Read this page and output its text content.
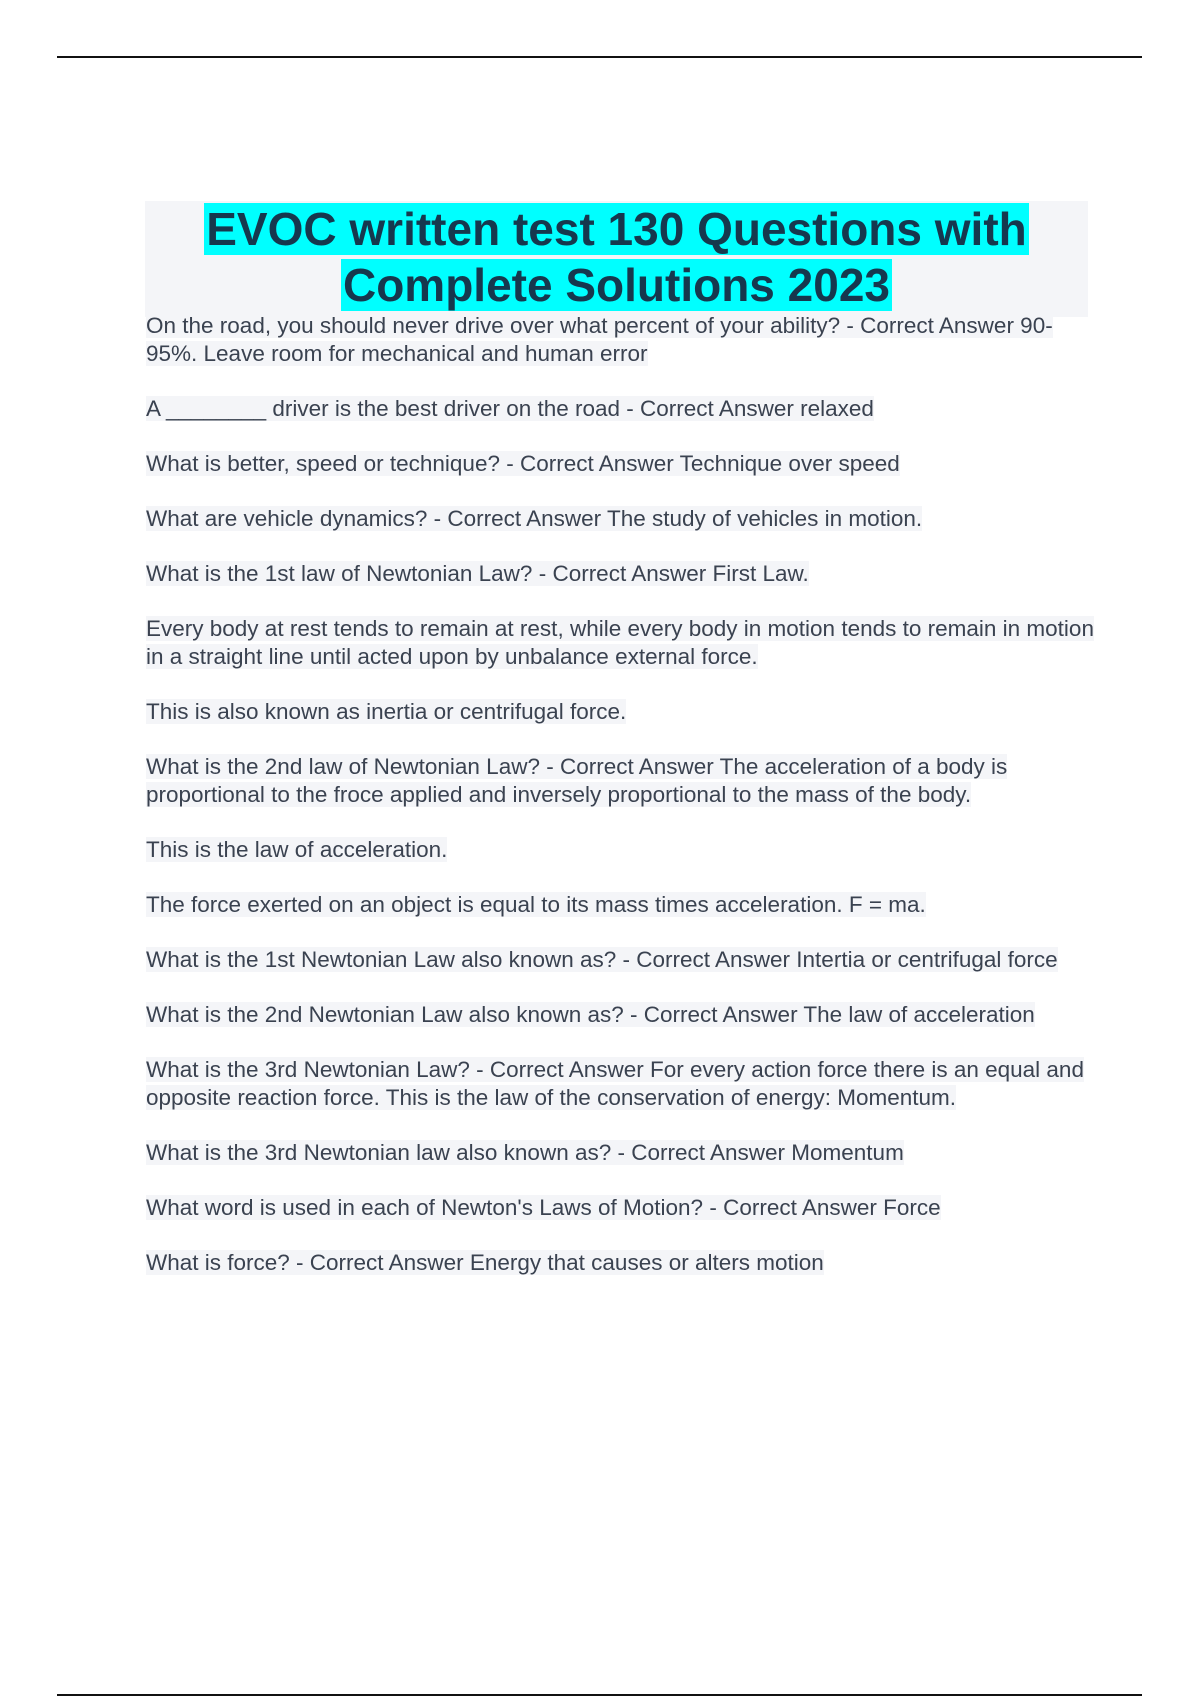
EVOC written test 130 Questions with
Complete Solutions 2023

On the road, you should never drive over what percent of your ability? - Correct Answer 90-95%. Leave room for mechanical and human error

A ________ driver is the best driver on the road - Correct Answer relaxed

What is better, speed or technique? - Correct Answer Technique over speed

What are vehicle dynamics? - Correct Answer The study of vehicles in motion.

What is the 1st law of Newtonian Law? - Correct Answer First Law.

Every body at rest tends to remain at rest, while every body in motion tends to remain in motion in a straight line until acted upon by unbalance external force.

This is also known as inertia or centrifugal force.

What is the 2nd law of Newtonian Law? - Correct Answer The acceleration of a body is proportional to the froce applied and inversely proportional to the mass of the body.

This is the law of acceleration.

The force exerted on an object is equal to its mass times acceleration. F = ma.

What is the 1st Newtonian Law also known as? - Correct Answer Intertia or centrifugal force

What is the 2nd Newtonian Law also known as? - Correct Answer The law of acceleration

What is the 3rd Newtonian Law? - Correct Answer For every action force there is an equal and opposite reaction force. This is the law of the conservation of energy: Momentum.

What is the 3rd Newtonian law also known as? - Correct Answer Momentum

What word is used in each of Newton's Laws of Motion? - Correct Answer Force

What is force? - Correct Answer Energy that causes or alters motion
